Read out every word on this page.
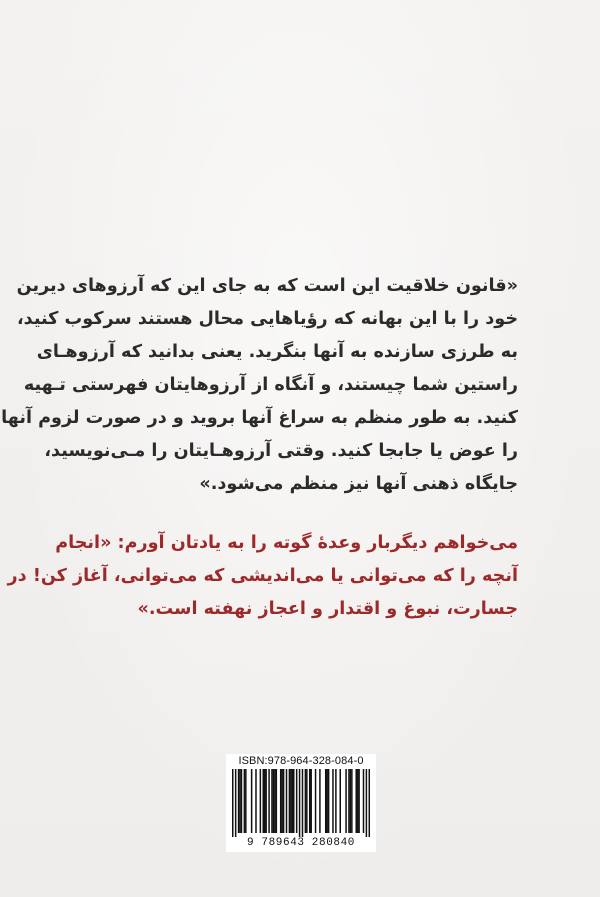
«قانون خلاقیت این است که به جای این که آرزوهای دیرین
خود را با این بهانه که رؤیاهایی محال هستند سرکوب کنید،
به طرزی سازنده به آنها بنگرید. یعنی بدانید که آرزوهـای
راستین شما چیستند، و آنگاه از آرزوهایتان فهرستی تـهیه
کنید. به طور منظم به سراغ آنها بروید و در صورت لزوم آنها
را عوض یا جابجا کنید. وقتی آرزوهـایتان را مـی‌نویسید،
جایگاه ذهنی آنها نیز منظم می‌شود.»
می‌خواهم دیگربار وعدهٔ گوته را به یادتان آورم: «انجام
آنچه را که می‌توانی یا می‌اندیشی که می‌توانی، آغاز کن! در
جسارت، نبوغ و اقتدار و اعجاز نهفته است.»
ISBN:978-964-328-084-0
9 789643 280840
